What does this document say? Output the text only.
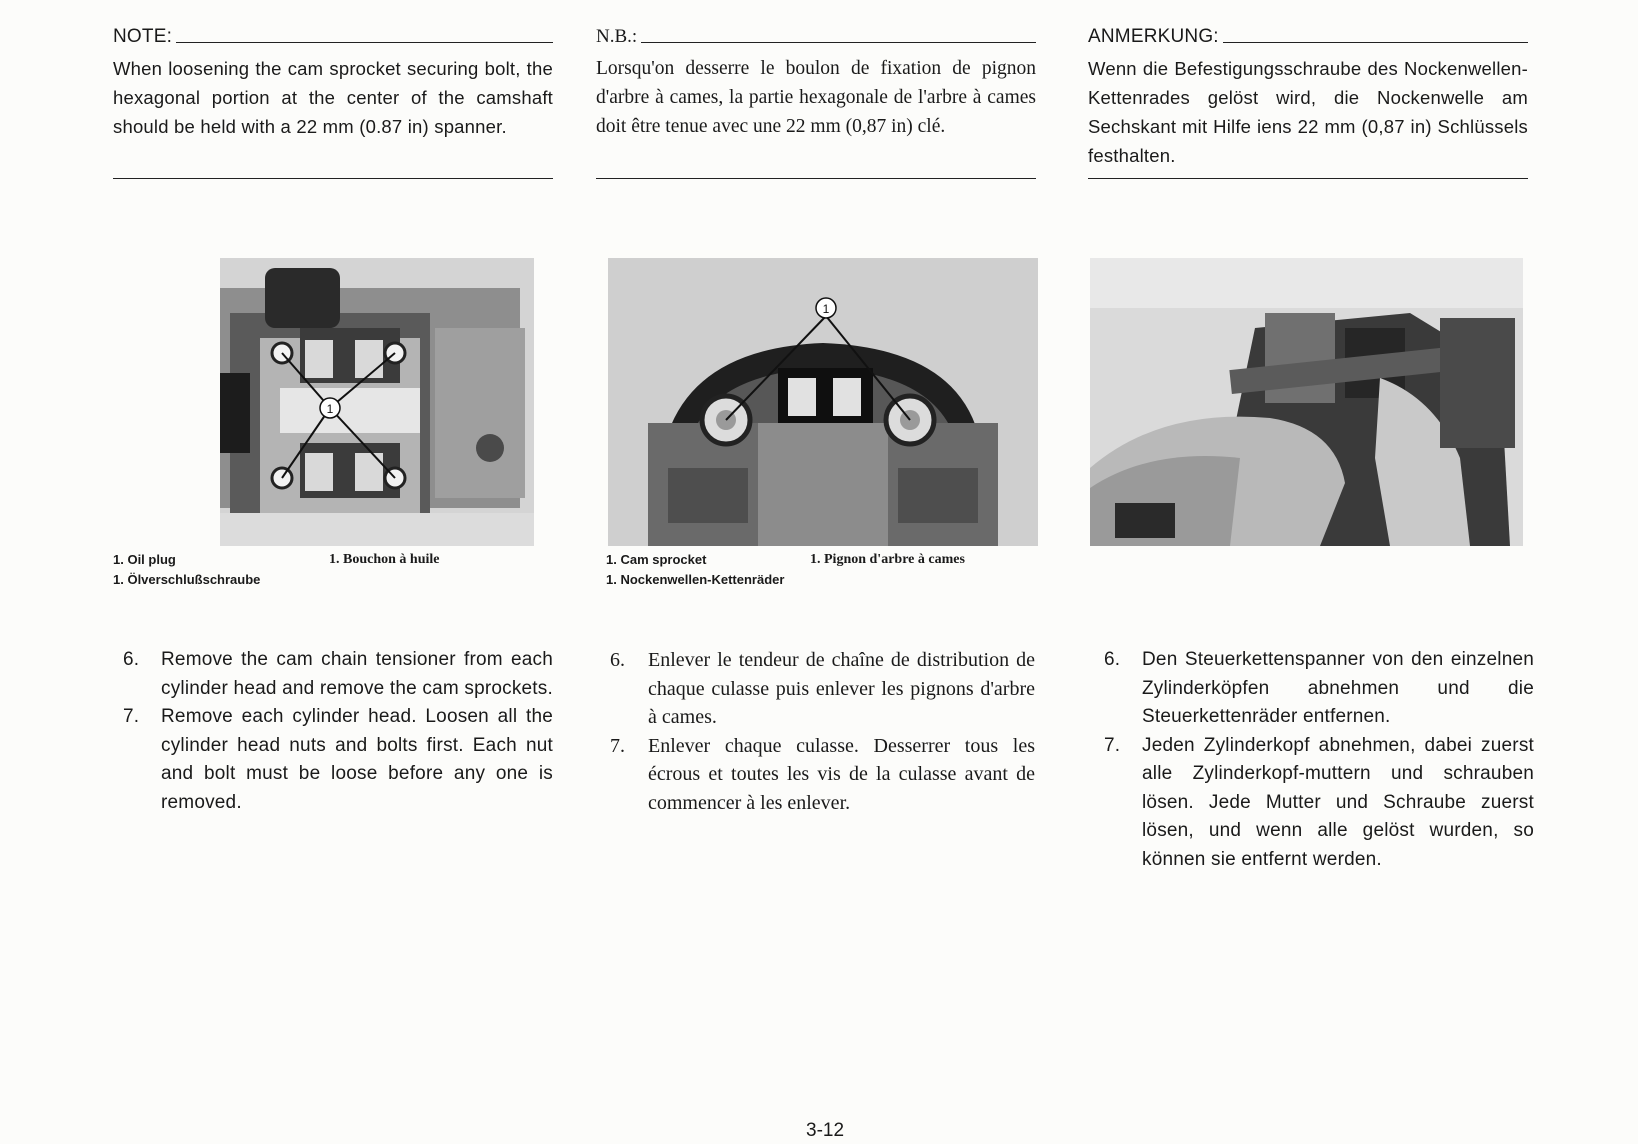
NOTE:
When loosening the cam sprocket securing bolt, the hexagonal portion at the center of the camshaft should be held with a 22 mm (0.87 in) spanner.
N.B.:
Lorsqu'on desserre le boulon de fixation de pignon d'arbre à cames, la partie hexagonale de l'arbre à cames doit être tenue avec une 22 mm (0,87 in) clé.
ANMERKUNG:
Wenn die Befestigungsschraube des Nockenwellen-Kettenrades gelöst wird, die Nockenwelle am Sechskant mit Hilfe iens 22 mm (0,87 in) Schlüssels festhalten.
1
1
1. Oil plug	1. Bouchon à huile
1. Ölverschlußschraube
1. Cam sprocket	1. Pignon d'arbre à cames
1. Nockenwellen-Kettenräder
6.	Remove the cam chain tensioner from each cylinder head and remove the cam sprockets.
7.	Remove each cylinder head. Loosen all the cylinder head nuts and bolts first. Each nut and bolt must be loose before any one is removed.
6.	Enlever le tendeur de chaîne de distribution de chaque culasse puis enlever les pignons d'arbre à cames.
7.	Enlever chaque culasse. Desserrer tous les écrous et toutes les vis de la culasse avant de commencer à les enlever.
6.	Den Steuerkettenspanner von den einzelnen Zylinderköpfen abnehmen und die Steuerkettenräder entfernen.
7.	Jeden Zylinderkopf abnehmen, dabei zuerst alle Zylinderkopf-muttern und schrauben lösen. Jede Mutter und Schraube zuerst lösen, und wenn alle gelöst wurden, so können sie entfernt werden.
3-12
